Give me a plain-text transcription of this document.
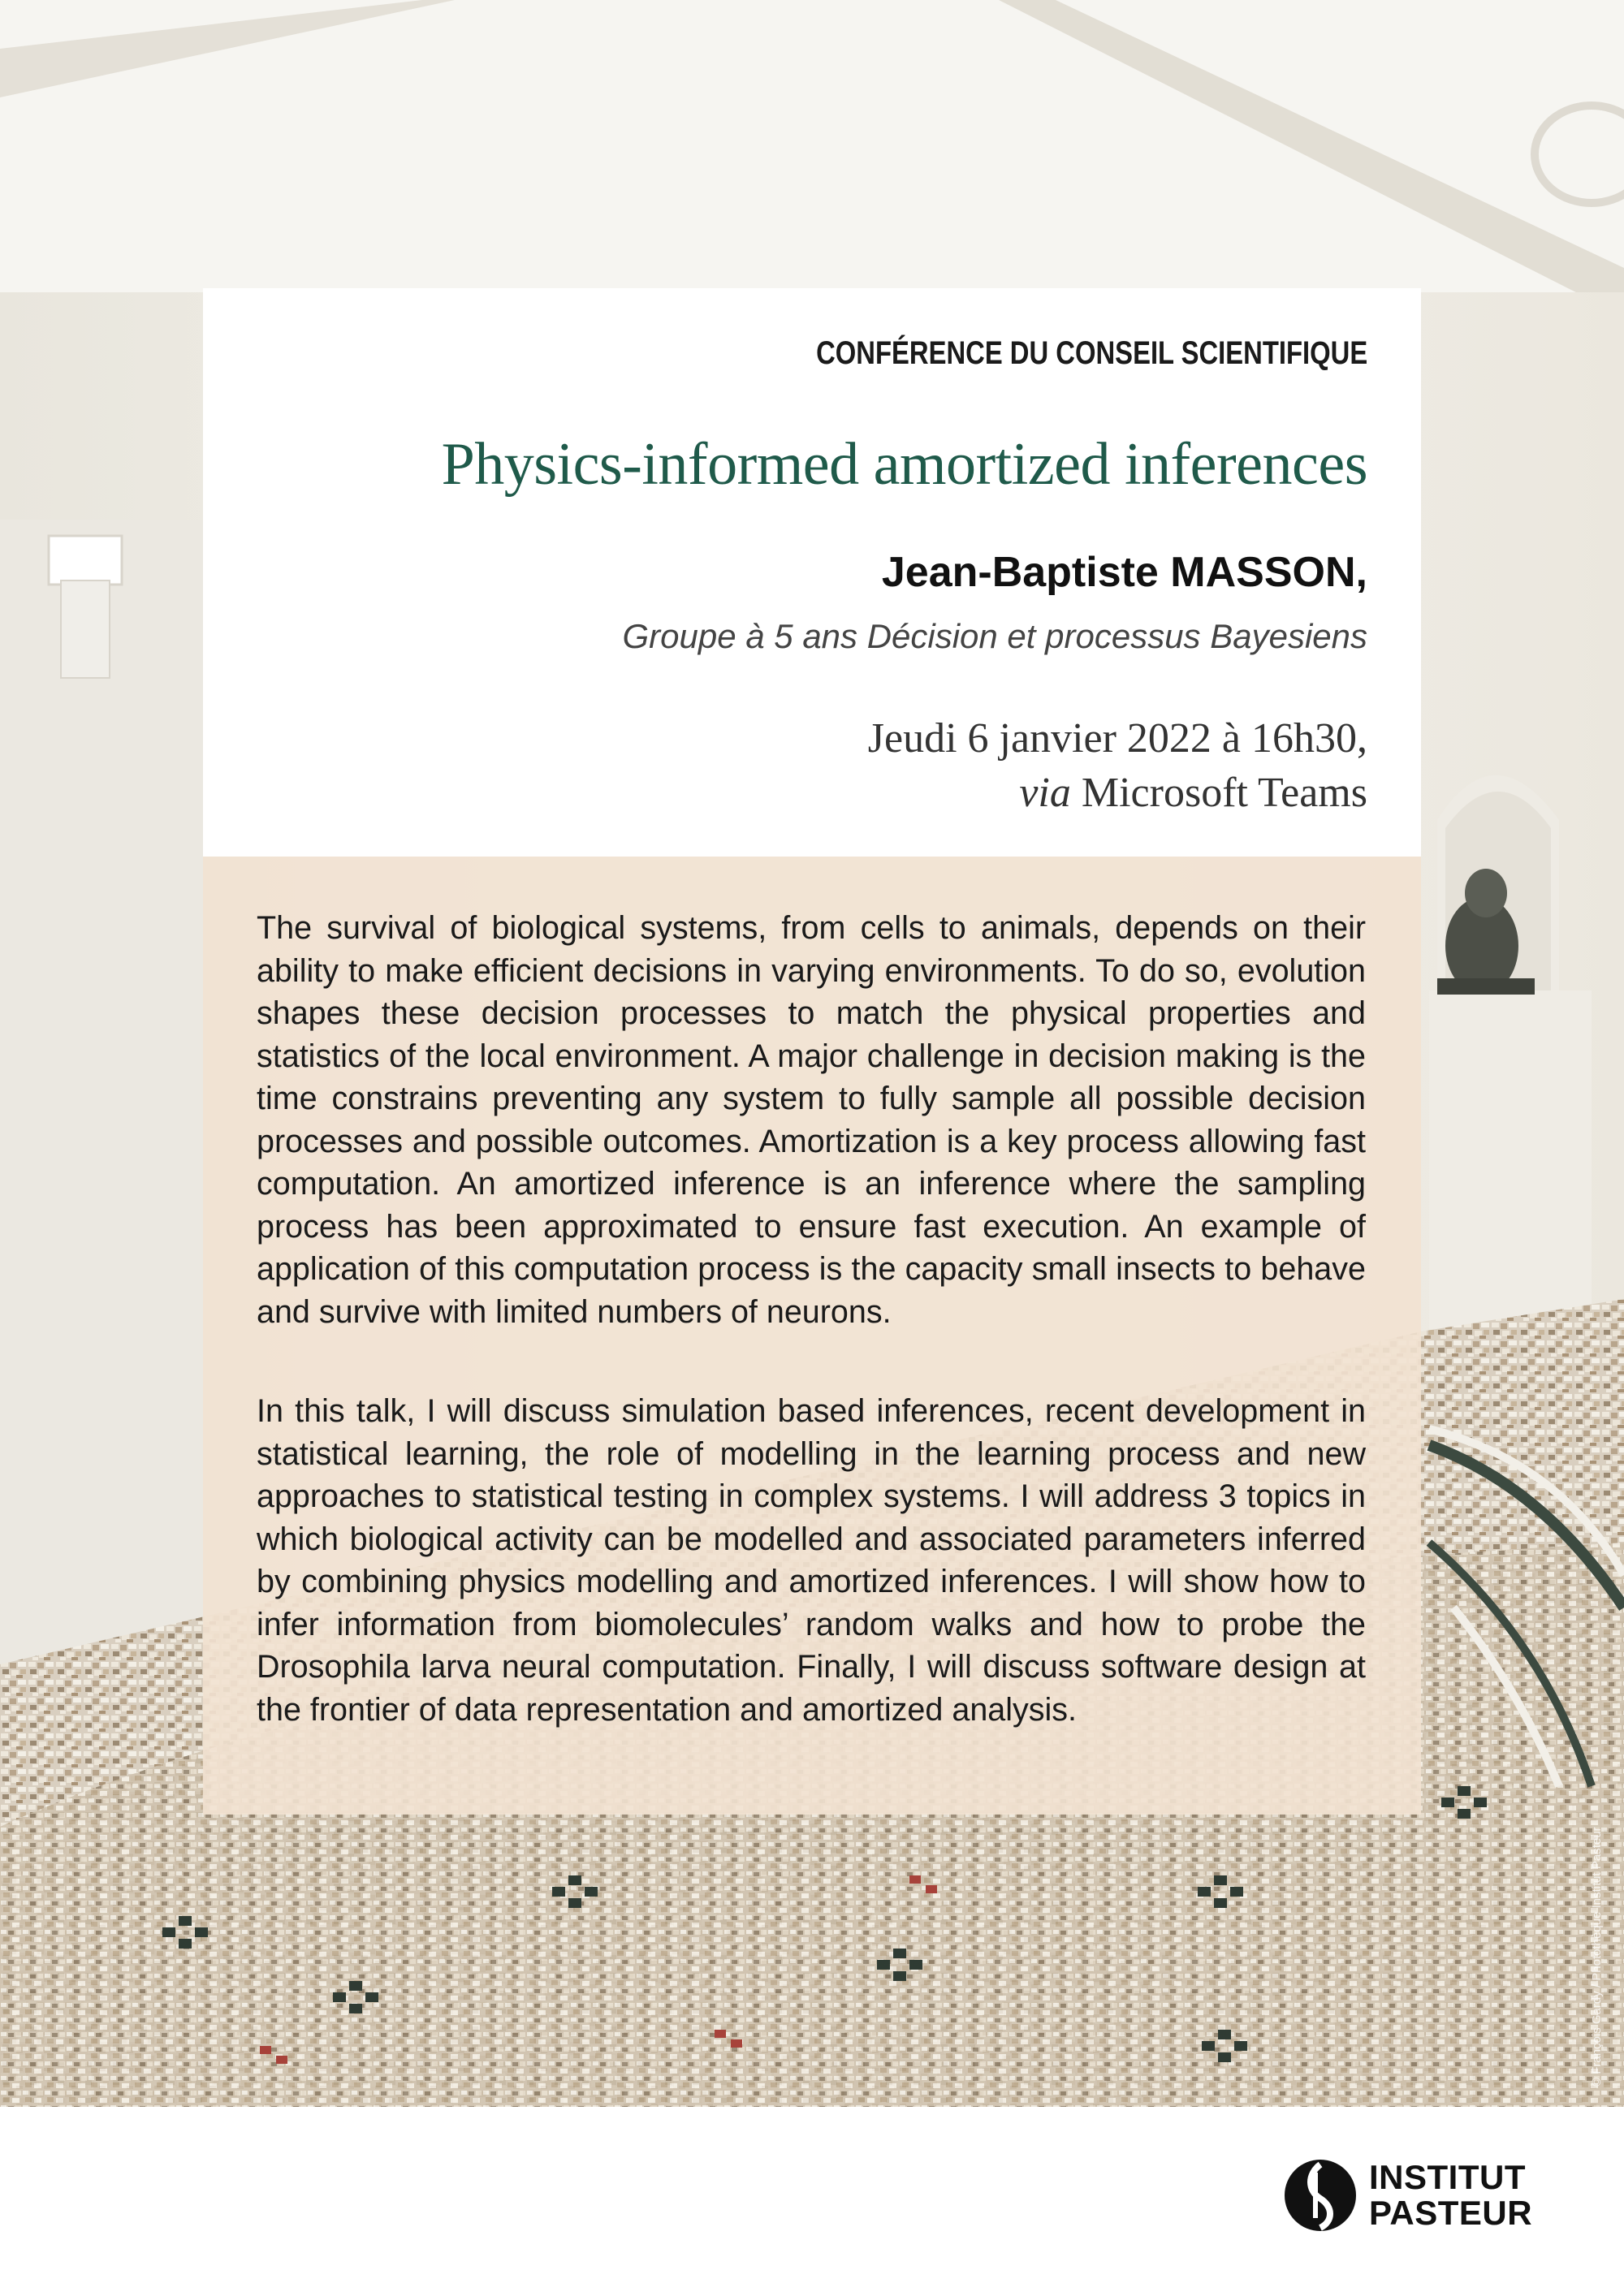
© François Gardy / Photothèque Institut Pasteur
CONFÉRENCE DU CONSEIL SCIENTIFIQUE
Physics-informed amortized inferences
Jean-Baptiste MASSON,
Groupe à 5 ans Décision et processus Bayesiens
Jeudi 6 janvier 2022 à 16h30,
via Microsoft Teams

The survival of biological systems, from cells to animals, depends on their ability to make efficient decisions in varying environments. To do so, evolution shapes these decision processes to match the physical properties and statistics of the local environment. A major challenge in decision making is the time constrains preventing any system to fully sample all possible decision processes and possible outcomes. Amortization is a key process allowing fast computation. An amortized inference is an inference where the sampling process has been approximated to ensure fast execution. An example of application of this computation process is the capacity small insects to behave and survive with limited numbers of neurons.

In this talk, I will discuss simulation based inferences, recent development in statistical learning, the role of modelling in the learning process and new approaches to statistical testing in complex systems. I will address 3 topics in which biological activity can be modelled and associated parameters inferred by combining physics modelling and amortized inferences. I will show how to infer information from biomolecules’ random walks and how to probe the Drosophila larva neural computation. Finally, I will discuss software design at the frontier of data representation and amortized analysis.

INSTITUT
PASTEUR
